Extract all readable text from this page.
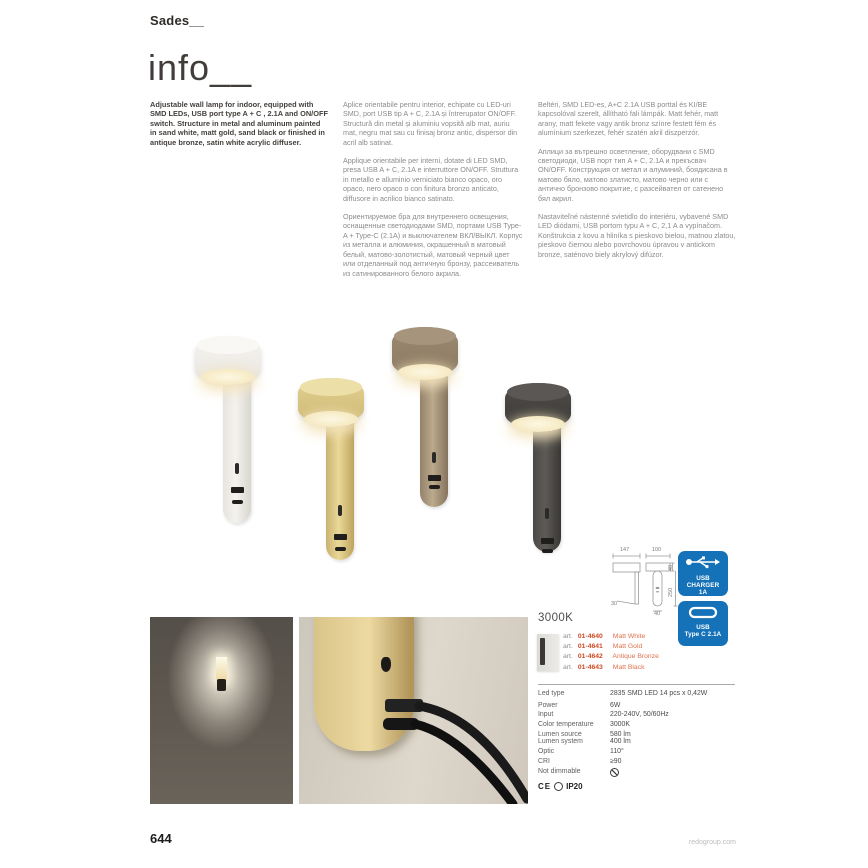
Sades__
info__

Adjustable wall lamp for indoor, equipped with SMD LEDs, USB port type A + C , 2.1A and ON/OFF switch. Structure in metal and aluminum painted in sand white, matt gold, sand black or finished in antique bronze, satin white acrylic diffuser.

Aplice orientabile pentru interior, echipate cu LED-uri SMD, port USB tip A + C, 2.1A și întrerupator ON/OFF. Structură din metal și aluminiu vopsită alb mat, auriu mat, negru mat sau cu finisaj bronz antic, dispersor din acril alb satinat.

Applique orientabile per interni, dotate di LED SMD, presa USB A + C, 2.1A e interruttore ON/OFF. Struttura in metallo e alluminio verniciato bianco opaco, oro opaco, nero opaco o con finitura bronzo anticato, diffusore in acrilico bianco satinato.

Ориентируемое бра для внутреннего освещения, оснащенные светодиодами SMD, портами USB Type-A + Type-C (2.1A) и выключателем ВКЛ/ВЫКЛ. Корпус из металла и алюминия, окрашенный в матовый белый, матово-золотистый, матовый черный цвет или отделанный под античную бронзу, рассеиватель из сатинированного белого акрила.

Beltéri, SMD LED-es, A+C 2.1A USB porttal és KI/BE kapcsolóval szerelt, állítható fali lámpák. Matt fehér, matt arany, matt fekete vagy antik bronz színre festett fém és alumínium szerkezet, fehér szatén akril diszperzór.

Аплици за вътрешно осветление, оборудвани с SMD светодиоди, USB порт тип A + C, 2.1A и прекъсвач ON/OFF. Конструкция от метал и алуминий, боядисана в матово бяло, матово златисто, матово черно или с антично бронзово покритие, с разсейвател от сатенено бял акрил.

Nastaviteľné nástenné svietidlo do interiéru, vybavené SMD LED diódami, USB portom typu A + C, 2,1 A a vypínačom. Konštrukcia z kovu a hliníka s pieskovo bielou, matnou zlatou, pieskovo čiernou alebo povrchovou úpravou v antickom bronze, saténovo biely akrylový difúzor.

147	100
48
250
30
40
USB
CHARGER
1A
USB
Type C 2.1A
3000K
art. 01-4640 Matt White
art. 01-4641 Matt Gold
art. 01-4642 Antique Bronze
art. 01-4643 Matt Black
Led type	2835 SMD LED 14 pcs x 0,42W
Power	6W
Input	220-240V, 50/60Hz
Color temperature	3000K
Lumen source	580 lm
Lumen system	400 lm
Optic	110°
CRI	≥90
Not dimmable
CE IP20
644	redogroup.com
